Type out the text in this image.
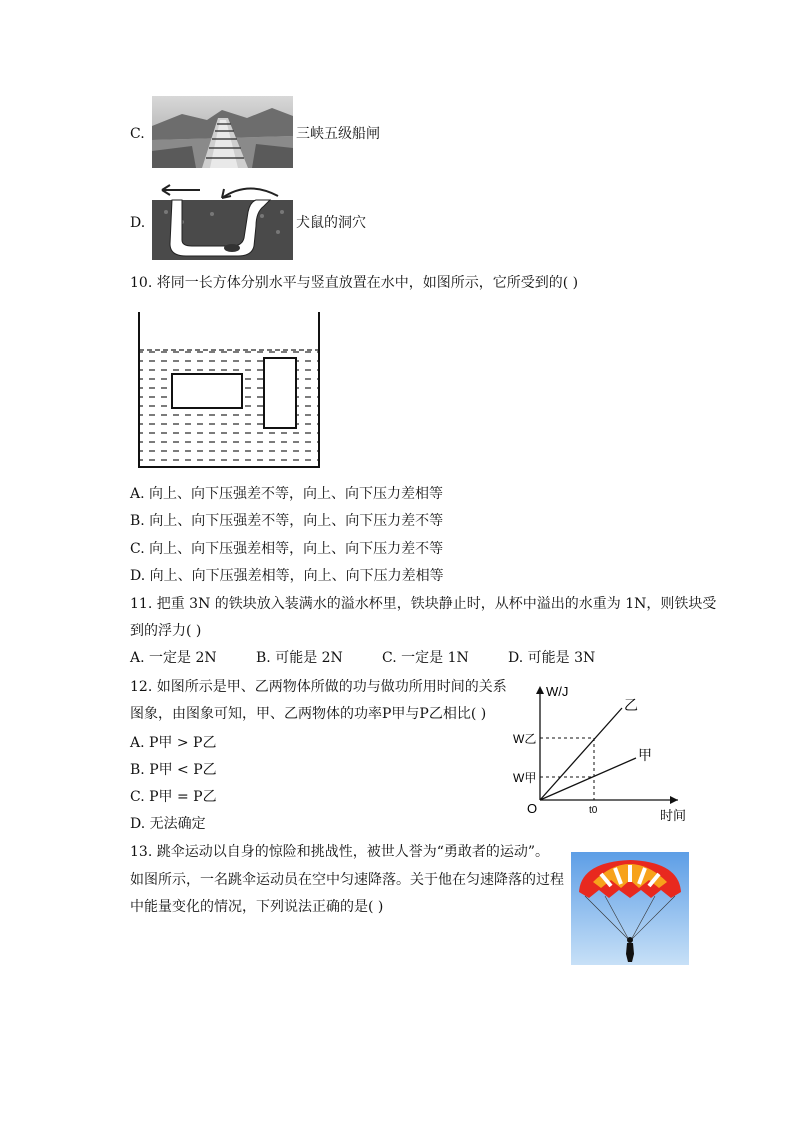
C.	三峡五级船闸
D.	犬鼠的洞穴
10. 将同一长方体分别水平与竖直放置在水中，如图所示，它所受到的( )
A. 向上、向下压强差不等，向上、向下压力差相等
B. 向上、向下压强差不等，向上、向下压力差不等
C. 向上、向下压强差相等，向上、向下压力差不等
D. 向上、向下压强差相等，向上、向下压力差相等
11. 把重 3N 的铁块放入装满水的溢水杯里，铁块静止时，从杯中溢出的水重为 1N，则铁块受
到的浮力( )
A. 一定是 2N	B. 可能是 2N	C. 一定是 1N	D. 可能是 3N
12. 如图所示是甲、乙两物体所做的功与做功所用时间的关系
图象，由图象可知，甲、乙两物体的功率P甲与P乙相比( )
A. P甲 > P乙
B. P甲 < P乙
C. P甲 = P乙
D. 无法确定
W/J
时间
O	t0
W乙
W甲
乙
甲
13. 跳伞运动以自身的惊险和挑战性，被世人誉为“勇敢者的运动”。
如图所示，一名跳伞运动员在空中匀速降落。关于他在匀速降落的过程
中能量变化的情况，下列说法正确的是( )
